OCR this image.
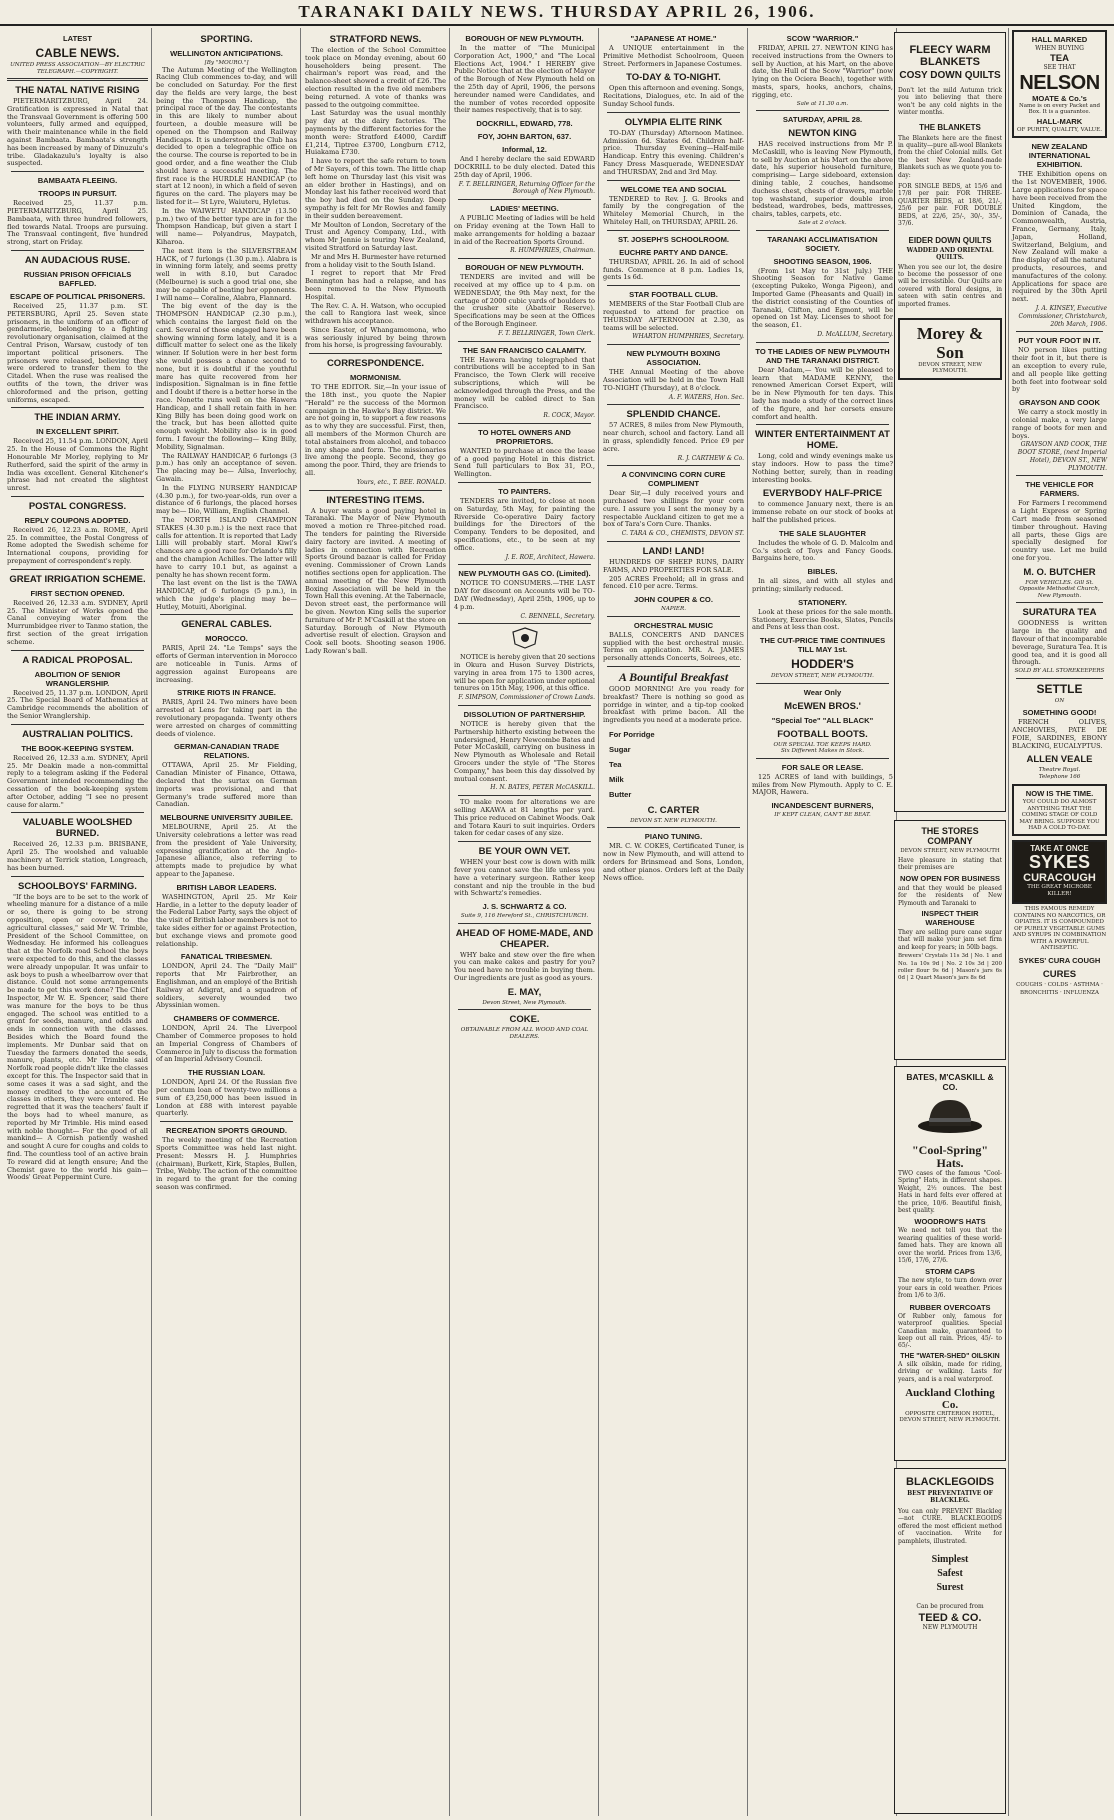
TARANAKI DAILY NEWS. THURSDAY APRIL 26, 1906.
LATEST
CABLE NEWS.
UNITED PRESS ASSOCIATION—BY ELECTRIC TELEGRAPH.—COPYRIGHT.
THE NATAL NATIVE RISING
PIETERMARITZBURG, April 24. Gratification is expressed in Natal that the Transvaal Government is offering 500 volunteers, fully armed and equipped, with their maintenance while in the field against Bambaata. Bambaata's strength has been increased by many of Dinuzulu's tribe. Gladakazulu's loyalty is also suspected.
BAMBAATA FLEEING.
TROOPS IN PURSUIT.
Received 25, 11.37 p.m. PIETERMARITZBURG, April 25. Bambaata, with three hundred followers, fled towards Natal. Troops are pursuing. The Transvaal contingent, five hundred strong, start on Friday.
AN AUDACIOUS RUSE.
RUSSIAN PRISON OFFICIALS BAFFLED.
ESCAPE OF POLITICAL PRISONERS.
Received 25, 11.37 p.m. ST. PETERSBURG, April 25. Seven state prisoners, in the uniform of an officer of gendarmerie, belonging to a fighting revolutionary organisation, claimed at the Central Prison, Warsaw, custody of ten important political prisoners. The prisoners were released, believing they were ordered to transfer them to the Citadel. When the ruse was realised the outfits of the town, the driver was chloroformed and the prison, getting uniforms, escaped.
THE INDIAN ARMY.
IN EXCELLENT SPIRIT.
Received 25, 11.54 p.m. LONDON, April 25. In the House of Commons the Right Honourable Mr Morley, replying to Mr Rutherford, said the spirit of the army in India was excellent. General Kitchener's phrase had not created the slightest unrest.
POSTAL CONGRESS.
REPLY COUPONS ADOPTED.
Received 26, 12.23 a.m. ROME, April 25. In committee, the Postal Congress of Rome adopted the Swedish scheme for International coupons, providing for prepayment of correspondent's reply.
GREAT IRRIGATION SCHEME.
FIRST SECTION OPENED.
Received 26, 12.33 a.m. SYDNEY, April 25. The Minister of Works opened the Canal conveying water from the Murrumbidgee river to Tanmo station, the first section of the great irrigation scheme.
A RADICAL PROPOSAL.
ABOLITION OF SENIOR WRANGLERSHIP.
Received 25, 11.37 p.m. LONDON, April 25. The Special Board of Mathematics at Cambridge recommends the abolition of the Senior Wranglership.
AUSTRALIAN POLITICS.
THE BOOK-KEEPING SYSTEM.
Received 26, 12.33 a.m. SYDNEY, April 25. Mr Deakin made a non-committal reply to a telegram asking if the Federal Government intended recommending the cessation of the book-keeping system after October, adding "I see no present cause for alarm."
VALUABLE WOOLSHED BURNED.
Received 26, 12.33 p.m. BRISBANE, April 25. The woolshed and valuable machinery at Terrick station, Longreach, has been burned.
SCHOOLBOYS' FARMING.
"If the boys are to be set to the work of wheeling manure for a distance of a mile or so, there is going to be strong opposition, open or covert, to the agricultural classes," said Mr W. Trimble, President of the School Committee, on Wednesday. He informed his colleagues that at the Norfolk road School the boys were expected to do this, and the classes were already unpopular. It was unfair to ask boys to push a wheelbarrow over that distance. Could not some arrangements be made to get this work done? The Chief Inspector, Mr W. E. Spencer, said there was manure for the boys to be thus engaged. The school was entitled to a grant for seeds, manure, and odds and ends in connection with the classes. Besides which the Board found the implements. Mr Dunbar said that on Tuesday the farmers donated the seeds, manure, plants, etc. Mr Trimble said Norfolk road people didn't like the classes except for this. The Inspector said that in some cases it was a sad sight, and the money credited to the account of the classes in others, they were entered. He regretted that it was the teachers' fault if the boys had to wheel manure, as reported by Mr Trimble. His mind eased with noble thought— For the good of all mankind— A Cornish patiently washed and sought A cure for coughs and colds to find. The countless tool of an active brain To reward did at length ensure; And the Chemist gave to the world his gain— Woods' Great Peppermint Cure.
SPORTING.
WELLINGTON ANTICIPATIONS.
[By "MOURO."]
The Autumn Meeting of the Wellington Racing Club commences to-day, and will be concluded on Saturday. For the first day the fields are very large, the best being the Thompson Handicap, the principal race of the day. The contestants in this are likely to number about fourteen, a double measure will be opened on the Thompson and Railway Handicaps. It is understood the Club has decided to open a telegraphic office on the course. The course is reported to be in good order, and a fine weather the Club should have a successful meeting. The first race is the HURDLE HANDICAP (to start at 12 noon), in which a field of seven figures on the card. The players may be listed for it— St Lyre, Waiuteru, Hyletus.
In the WAIWETU HANDICAP (13.50 p.m.) two of the better type are in for the Thompson Handicap, but given a start I will name— Polyandrus, Maypatch, Kiharoa.
The next item is the SILVERSTREAM HACK, of 7 furlongs (1.30 p.m.). Alabra is in winning form lately, and seems pretty well in with 8.10, but Caradoc (Melbourne) is such a good trial one, she may be capable of beating her opponents. I will name— Coraline, Alabra, Flannard.
The big event of the day is the THOMPSON HANDICAP (2.30 p.m.), which contains the largest field on the card. Several of those engaged have been showing winning form lately, and it is a difficult matter to select one as the likely winner. If Solution were in her best form she would possess a chance second to none, but it is doubtful if the youthful mare has quite recovered from her indisposition. Signalman is in fine fettle and I doubt if there is a better horse in the race. Nonette runs well on the Hawera Handicap, and I shall retain faith in her. King Billy has been doing good work on the track, but has been allotted quite enough weight. Mobility also is in good form. I favour the following— King Billy, Mobility, Signalman.
The RAILWAY HANDICAP, 6 furlongs (3 p.m.) has only an acceptance of seven. The placing may be— Ailsa, Inverlochy, Gawain.
In the FLYING NURSERY HANDICAP (4.30 p.m.), for two-year-olds, run over a distance of 6 furlongs, the placed horses may be— Dio, William, English Channel.
The NORTH ISLAND CHAMPION STAKES (4.30 p.m.) is the next race that calls for attention. It is reported that Lady Lilli will probably start. Moral Kiwi's chances are a good race for Orlando's filly and the champion Achilles. The latter will have to carry 10.1 but, as against a penalty he has shown recent form.
The last event on the list is the TAWA HANDICAP, of 6 furlongs (5 p.m.), in which the judge's placing may be— Hutley, Motuiti, Aboriginal.
GENERAL CABLES.
MOROCCO.
PARIS, April 24. "Le Temps" says the efforts of German intervention in Morocco are noticeable in Tunis. Arms of aggression against Europeans are increasing.
STRIKE RIOTS IN FRANCE.
PARIS, April 24. Two miners have been arrested at Lens for taking part in the revolutionary propaganda. Twenty others were arrested on charges of committing deeds of violence.
GERMAN-CANADIAN TRADE RELATIONS.
OTTAWA, April 25. Mr Fielding, Canadian Minister of Finance, Ottawa, declared that the surtax on German imports was provisional, and that Germany's trade suffered more than Canadian.
MELBOURNE UNIVERSITY JUBILEE.
MELBOURNE, April 25. At the University celebrations a letter was read from the president of Yale University, expressing gratification at the Anglo-Japanese alliance, also referring to attempts made to prejudice by what appear to the Japanese.
BRITISH LABOR LEADERS.
WASHINGTON, April 25. Mr Keir Hardie, in a letter to the deputy leader of the Federal Labor Party, says the object of the visit of British labor members is not to take sides either for or against Protection, but exchange views and promote good relationship.
FANATICAL TRIBESMEN.
LONDON, April 24. The "Daily Mail" reports that Mr Fairbrother, an Englishman, and an employé of the British Railway at Adigrat, and a squadron of soldiers, severely wounded two Abyssinian women.
CHAMBERS OF COMMERCE.
LONDON, April 24. The Liverpool Chamber of Commerce proposes to hold an Imperial Congress of Chambers of Commerce in July to discuss the formation of an Imperial Advisory Council.
THE RUSSIAN LOAN.
LONDON, April 24. Of the Russian five per centum loan of twenty-two millions a sum of £3,250,000 has been issued in London at £88 with interest payable quarterly.
RECREATION SPORTS GROUND.
The weekly meeting of the Recreation Sports Committee was held last night. Present: Messrs H. J. Humphries (chairman), Burkett, Kirk, Staples, Bullen, Tribe, Webby. The action of the committee in regard to the grant for the coming season was confirmed.
STRATFORD NEWS.
The election of the School Committee took place on Monday evening, about 60 householders being present. The chairman's report was read, and the balance-sheet showed a credit of £26. The election resulted in the five old members being returned. A vote of thanks was passed to the outgoing committee.
Last Saturday was the usual monthly pay day at the dairy factories. The payments by the different factories for the month were: Stratford £4000, Cardiff £1,214, Tiptree £3700, Longburn £712, Huiakama £730.
I have to report the safe return to town of Mr Sayers, of this town. The little chap left home on Thursday last (his visit was an elder brother in Hastings), and on Monday last his father received word that the boy had died on the Sunday. Deep sympathy is felt for Mr Rowles and family in their sudden bereavement.
Mr Moulton of London, Secretary of the Trust and Agency Company, Ltd., with whom Mr Jennie is touring New Zealand, visited Stratford on Saturday last.
Mr and Mrs H. Burmester have returned from a holiday visit to the South Island.
I regret to report that Mr Fred Bennington has had a relapse, and has been removed to the New Plymouth Hospital.
The Rev. C. A. H. Watson, who occupied the call to Rangiora last week, since withdrawn his acceptance.
Since Easter, of Whangamomona, who was seriously injured by being thrown from his horse, is progressing favourably.
CORRESPONDENCE.
MORMONISM.
TO THE EDITOR. Sir,—In your issue of the 18th inst., you quote the Napier "Herald" re the success of the Mormon campaign in the Hawke's Bay district. We are not going in, to support a few reasons as to why they are successful. First, then, all members of the Mormon Church are total abstainers from alcohol, and tobacco in any shape and form. The missionaries live among the people. Second, they go among the poor. Third, they are friends to all.
Yours, etc., T. BEE. RONALD.
INTERESTING ITEMS.
A buyer wants a good paying hotel in Taranaki. The Mayor of New Plymouth moved a motion re Three-pitched road. The tenders for painting the Riverside dairy factory are invited. A meeting of ladies in connection with Recreation Sports Ground bazaar is called for Friday evening. Commissioner of Crown Lands notifies sections open for application. The annual meeting of the New Plymouth Boxing Association will be held in the Town Hall this evening. At the Tabernacle, Devon street east, the performance will be given. Newton King sells the superior furniture of Mr P. M'Caskill at the store on Saturday. Borough of New Plymouth advertise result of election. Grayson and Cook sell boots. Shooting season 1906. Lady Rowan's ball.
BOROUGH OF NEW PLYMOUTH.
In the matter of "The Municipal Corporation Act, 1900," and "The Local Elections Act, 1904." I HEREBY give Public Notice that at the election of Mayor of the Borough of New Plymouth held on the 25th day of April, 1906, the persons hereunder named were Candidates, and the number of votes recorded opposite their names respectively, that is to say.
DOCKRILL, EDWARD, 778.
FOY, JOHN BARTON, 637.
Informal, 12.
And I hereby declare the said EDWARD DOCKRILL to be duly elected. Dated this 25th day of April, 1906.
F. T. BELLRINGER, Returning Officer for the Borough of New Plymouth.
LADIES' MEETING.
A PUBLIC Meeting of ladies will be held on Friday evening at the Town Hall to make arrangements for holding a bazaar in aid of the Recreation Sports Ground.
R. HUMPHRIES, Chairman.
BOROUGH OF NEW PLYMOUTH.
TENDERS are invited and will be received at my office up to 4 p.m. on WEDNESDAY, the 9th May next, for the cartage of 2000 cubic yards of boulders to the crusher site (Abattoir Reserve). Specifications may be seen at the Offices of the Borough Engineer.
F. T. BELLRINGER, Town Clerk.
THE SAN FRANCISCO CALAMITY.
THE Hawera having telegraphed that contributions will be accepted to in San Francisco, the Town Clerk will receive subscriptions, which will be acknowledged through the Press, and the money will be cabled direct to San Francisco.
R. COCK, Mayor.
TO HOTEL OWNERS AND PROPRIETORS.
WANTED to purchase at once the lease of a good paying Hotel in this district. Send full particulars to Box 31, P.O., Wellington.
TO PAINTERS.
TENDERS are invited, to close at noon on Saturday, 5th May, for painting the Riverside Co-operative Dairy factory buildings for the Directors of the Company. Tenders to be deposited, and specifications, etc., to be seen at my office.
J. E. ROE, Architect, Hawera.
NEW PLYMOUTH GAS CO. (Limited).
NOTICE TO CONSUMERS.—THE LAST DAY for discount on Accounts will be TO-DAY (Wednesday), April 25th, 1906, up to 4 p.m.
C. BENNELL, Secretary.
NOTICE is hereby given that 20 sections in Okura and Huson Survey Districts, varying in area from 175 to 1300 acres, will be open for application under optional tenures on 15th May, 1906, at this office.
F. SIMPSON, Commissioner of Crown Lands.
DISSOLUTION OF PARTNERSHIP.
NOTICE is hereby given that the Partnership hitherto existing between the undersigned, Henry Newcombe Bates and Peter McCaskill, carrying on business in New Plymouth as Wholesale and Retail Grocers under the style of "The Stores Company," has been this day dissolved by mutual consent.
H. N. BATES, PETER McCASKILL.
TO make room for alterations we are selling AKAWA at 81 lengths per yard. This price reduced on Cabinet Woods. Oak and Totara Kauri to suit inquiries. Orders taken for cedar cases of any size.
BE YOUR OWN VET.
WHEN your best cow is down with milk fever you cannot save the life unless you have a veterinary surgeon. Rather keep constant and nip the trouble in the bud with Schwartz's remedies.
J. S. SCHWARTZ & CO.
Suite 9, 116 Hereford St., CHRISTCHURCH.
AHEAD OF HOME-MADE, AND CHEAPER.
WHY bake and stew over the fire when you can make cakes and pastry for you? You need have no trouble in buying them. Our ingredients are just as good as yours.
E. MAY,
Devon Street, New Plymouth.
COKE.
OBTAINABLE FROM ALL WOOD AND COAL DEALERS.
"JAPANESE AT HOME."
A UNIQUE entertainment in the Primitive Methodist Schoolroom, Queen Street. Performers in Japanese Costumes.
TO-DAY & TO-NIGHT.
Open this afternoon and evening. Songs, Recitations, Dialogues, etc. In aid of the Sunday School funds.
OLYMPIA ELITE RINK
TO-DAY (Thursday) Afternoon Matinee. Admission 6d. Skates 6d. Children half-price. Thursday Evening—Half-mile Handicap. Entry this evening. Children's Fancy Dress Masquerade, WEDNESDAY and THURSDAY, 2nd and 3rd May.
WELCOME TEA AND SOCIAL
TENDERED to Rev. J. G. Brooks and family by the congregation of the Whiteley Memorial Church, in the Whiteley Hall, on THURSDAY, APRIL 26.
ST. JOSEPH'S SCHOOLROOM.
EUCHRE PARTY AND DANCE.
THURSDAY, APRIL 26. In aid of school funds. Commence at 8 p.m. Ladies 1s, gents 1s 6d.
STAR FOOTBALL CLUB.
MEMBERS of the Star Football Club are requested to attend for practice on THURSDAY AFTERNOON at 2.30, as teams will be selected.
WHARTON HUMPHRIES, Secretary.
NEW PLYMOUTH BOXING ASSOCIATION.
THE Annual Meeting of the above Association will be held in the Town Hall TO-NIGHT (Thursday), at 8 o'clock.
A. F. WATERS, Hon. Sec.
SPLENDID CHANCE.
57 ACRES, 8 miles from New Plymouth, near church, school and factory. Land all in grass, splendidly fenced. Price £9 per acre.
R. J. CARTHEW & Co.
A CONVINCING CORN CURE COMPLIMENT
Dear Sir,—I duly received yours and purchased two shillings for your corn cure. I assure you I sent the money by a respectable Auckland citizen to get me a box of Tara's Corn Cure. Thanks.
C. TARA & CO., CHEMISTS, DEVON ST.
LAND! LAND!
HUNDREDS OF SHEEP RUNS, DAIRY FARMS, AND PROPERTIES FOR SALE.
205 ACRES Freehold; all in grass and fenced. £10 per acre. Terms.
JOHN COUPER & CO.
NAPIER.
ORCHESTRAL MUSIC
BALLS, CONCERTS AND DANCES supplied with the best orchestral music. Terms on application. MR. A. JAMES personally attends Concerts, Soirees, etc.
A Bountiful Breakfast
GOOD MORNING! Are you ready for breakfast? There is nothing so good as porridge in winter, and a tip-top cooked breakfast with prime bacon. All the ingredients you need at a moderate price.
For Porridge
Sugar
Tea
Milk
Butter
C. CARTER
DEVON ST. NEW PLYMOUTH.
PIANO TUNING.
MR. C. W. COKES, Certificated Tuner, is now in New Plymouth, and will attend to orders for Brinsmead and Sons, London, and other pianos. Orders left at the Daily News office.
SCOW "WARRIOR."
FRIDAY, APRIL 27. NEWTON KING has received instructions from the Owners to sell by Auction, at his Mart, on the above date, the Hull of the Scow "Warrior" (now lying on the Ociera Beach), together with masts, spars, hooks, anchors, chains, rigging, etc.
Sale at 11.30 a.m.
SATURDAY, APRIL 28.
NEWTON KING
HAS received instructions from Mr P. McCaskill, who is leaving New Plymouth, to sell by Auction at his Mart on the above date, his superior household furniture, comprising— Large sideboard, extension dining table, 2 couches, handsome duchess chest, chests of drawers, marble top washstand, superior double iron bedstead, wardrobes, beds, mattresses, chairs, tables, carpets, etc.
Sale at 2 o'clock.
TARANAKI ACCLIMATISATION SOCIETY.
SHOOTING SEASON, 1906.
(From 1st May to 31st July.) THE Shooting Season for Native Game (excepting Pukeko, Wonga Pigeon), and Imported Game (Pheasants and Quail) in the district consisting of the Counties of Taranaki, Clifton, and Egmont, will be opened on 1st May. Licenses to shoot for the season, £1.
D. McALLUM, Secretary.
TO THE LADIES OF NEW PLYMOUTH AND THE TARANAKI DISTRICT.
Dear Madam,— You will be pleased to learn that MADAME KENNY, the renowned American Corset Expert, will be in New Plymouth for ten days. This lady has made a study of the correct lines of the figure, and her corsets ensure comfort and health.
WINTER ENTERTAINMENT AT HOME.
Long, cold and windy evenings make us stay indoors. How to pass the time? Nothing better, surely, than in reading interesting books.
EVERYBODY HALF-PRICE
to commence January next, there is an immense rebate on our stock of books at half the published prices.
THE SALE SLAUGHTER
Includes the whole of G. D. Malcolm and Co.'s stock of Toys and Fancy Goods. Bargains here, too.
BIBLES.
In all sizes, and with all styles and printing; similarly reduced.
STATIONERY.
Look at these prices for the sale month. Stationery, Exercise Books, Slates, Pencils and Pens at less than cost.
THE CUT-PRICE TIME CONTINUES TILL MAY 1st.
HODDER'S
DEVON STREET, NEW PLYMOUTH.
Wear Only
McEWEN BROS.'
"Special Toe" "ALL BLACK"
FOOTBALL BOOTS.
OUR SPECIAL TOE KEEPS HARD.
Six Different Makes in Stock.
FOR SALE OR LEASE.
125 ACRES of land with buildings, 5 miles from New Plymouth. Apply to C. E. MAJOR, Hawera.
INCANDESCENT BURNERS,
IF KEPT CLEAN, CAN'T BE BEAT.
HALL MARKED
WHEN BUYING
TEA
SEE THAT
NELSON
MOATE & Co.'s
Name is on every Packet and Box. It is a guarantee.
HALL-MARK
OF PURITY, QUALITY, VALUE.
NEW ZEALAND INTERNATIONAL EXHIBITION.
THE Exhibition opens on the 1st NOVEMBER, 1906. Large applications for space have been received from the United Kingdom, the Dominion of Canada, the Commonwealth, Austria, France, Germany, Italy, Japan, Holland, Switzerland, Belgium, and New Zealand will make a fine display of all the natural products, resources, and manufactures of the colony. Applications for space are required by the 30th April next.
J. A. KINSEY, Executive Commissioner, Christchurch, 20th March, 1906.
PUT YOUR FOOT IN IT.
NO person likes putting their foot in it, but there is an exception to every rule, and all people like getting both feet into footwear sold by
GRAYSON AND COOK
We carry a stock mostly in colonial make, a very large range of boots for men and boys.
GRAYSON AND COOK, THE BOOT STORE, (next Imperial Hotel), DEVON ST., NEW PLYMOUTH.
THE VEHICLE FOR FARMERS.
For Farmers I recommend a Light Express or Spring Cart made from seasoned timber throughout. Having all parts, these Gigs are specially designed for country use. Let me build one for you.
M. O. BUTCHER
FOR VEHICLES. Gill St. Opposite Methodist Church, New Plymouth.
SURATURA TEA
GOODNESS is written large in the quality and flavour of that incomparable beverage, Suratura Tea. It is good tea, and it is good all through.
SOLD BY ALL STOREKEEPERS
SETTLE
ON
SOMETHING GOOD!
FRENCH OLIVES, ANCHOVIES, PATE DE FOIE, SARDINES, EBONY BLACKING, EUCALYPTUS.
ALLEN VEALE
Theatre Royal.
Telephone 166
NOW IS THE TIME.
YOU COULD DO ALMOST ANYTHING THAT THE COMING STAGE OF COLD MAY BRING. SUPPOSE YOU HAD A COLD TO-DAY.
TAKE AT ONCE
SYKES
CURACOUGH
THE GREAT MICROBE KILLER!
THIS FAMOUS REMEDY CONTAINS NO NARCOTICS, OR OPIATES. IT IS COMPOUNDED OF PURELY VEGETABLE GUMS AND SYRUPS IN COMBINATION WITH A POWERFUL ANTISEPTIC.
SYKES' CURA COUGH
CURES
COUGHS · COLDS · ASTHMA · BRONCHITIS · INFLUENZA
FLEECY WARM BLANKETS
COSY DOWN QUILTS
Don't let the mild Autumn trick you into believing that there won't be any cold nights in the winter months.
THE BLANKETS
The Blankets here are the finest in quality—pure all-wool Blankets from the chief Colonial mills. Get the best New Zealand-made Blankets such as we quote you to-day:
FOR SINGLE BEDS, at 15/6 and 17/8 per pair. FOR THREE-QUARTER BEDS, at 18/6, 21/-, 25/6 per pair. FOR DOUBLE BEDS, at 22/6, 25/-, 30/-, 35/-, 37/6.
EIDER DOWN QUILTS
WADDED AND ORIENTAL QUILTS.
When you see our lot, the desire to become the possessor of one will be irresistible. Our Quilts are covered with floral designs, in sateen with satin centres and imported frames.
Morey & Son
DEVON STREET, NEW PLYMOUTH.
THE STORES COMPANY
DEVON STREET, NEW PLYMOUTH
Have pleasure in stating that their premises are
NOW OPEN FOR BUSINESS
and that they would be pleased for the residents of New Plymouth and Taranaki to
INSPECT THEIR WAREHOUSE
They are selling pure cane sugar that will make your jam set firm and keep for years; in 50lb bags.
Brewers' Crystals 11s 3d | No. 1 and No. 1a 10s 9d | No. 2 10s 3d | 200 roller flour 9s 6d | Mason's jars 6s 0d | 2 Quart Mason's jars 8s 6d
BATES, M'CASKILL & CO.
"Cool-Spring" Hats.
TWO cases of the famous "Cool-Spring" Hats, in different shapes. Weight, 2½ ounces. The best Hats in hard felts ever offered at the price, 10/6. Beautiful finish, best quality.
WOODROW'S HATS
We need not tell you that the wearing qualities of these world-famed hats. They are known all over the world. Prices from 13/6, 15/6, 17/6, 27/6.
STORM CAPS
The new style, to turn down over your ears in cold weather. Prices from 1/6 to 3/6.
RUBBER OVERCOATS
Of Rubber only, famous for waterproof qualities. Special Canadian make, guaranteed to keep out all rain. Prices, 45/- to 65/-.
THE "WATER-SHED" OILSKIN
A silk oilskin, made for riding, driving or walking. Lasts for years, and is a real waterproof.
Auckland Clothing Co.
OPPOSITE CRITERION HOTEL, DEVON STREET, NEW PLYMOUTH.
BLACKLEGOIDS
BEST PREVENTATIVE OF BLACKLEG.
You can only PREVENT Blackleg—not CURE. BLACKLEGOIDS offered the most efficient method of vaccination. Write for pamphlets, illustrated.
Simplest
Safest
Surest
Can be procured from
TEED & CO.
NEW PLYMOUTH
